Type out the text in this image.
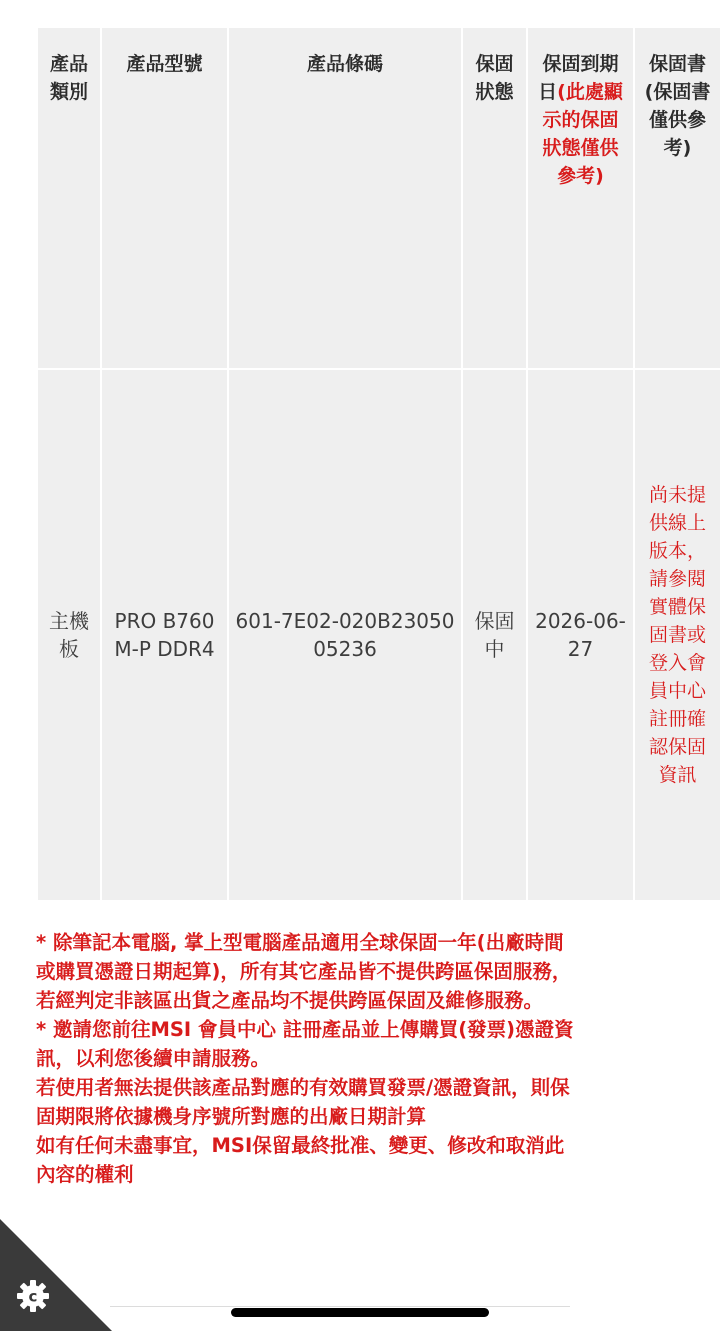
產品類別	產品型號	產品條碼	保固狀態	保固到期日(此處顯示的保固狀態僅供參考)	保固書(保固書僅供參考)
主機板	PRO B760M-P DDR4	601-7E02-020B2305005236	保固中	2026-06-27	尚未提供線上版本，請參閱實體保固書或登入會員中心註冊確認保固資訊

* 除筆記本電腦, 掌上型電腦產品適用全球保固一年(出廠時間或購買憑證日期起算)，所有其它產品皆不提供跨區保固服務，若經判定非該區出貨之產品均不提供跨區保固及維修服務。

* 邀請您前往MSI 會員中心 註冊產品並上傳購買(發票)憑證資訊，以利您後續申請服務。

若使用者無法提供該產品對應的有效購買發票/憑證資訊，則保固期限將依據機身序號所對應的出廠日期計算

如有任何未盡事宜，MSI保留最終批准、變更、修改和取消此內容的權利

c
